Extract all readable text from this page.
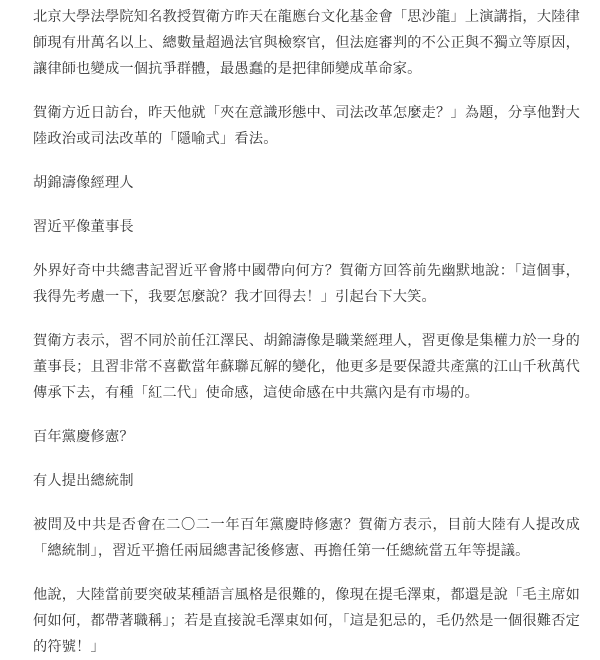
北京大學法學院知名教授賀衛方昨天在龍應台文化基金會「思沙龍」上演講指，大陸律師現有卅萬名以上、總數量超過法官與檢察官，但法庭審判的不公正與不獨立等原因，讓律師也變成一個抗爭群體，最愚蠢的是把律師變成革命家。

賀衛方近日訪台，昨天他就「夾在意識形態中、司法改革怎麼走？」為題，分享他對大陸政治或司法改革的「隱喻式」看法。

胡錦濤像經理人

習近平像董事長

外界好奇中共總書記習近平會將中國帶向何方？賀衛方回答前先幽默地說：「這個事，我得先考慮一下，我要怎麼說？我才回得去！」引起台下大笑。

賀衛方表示，習不同於前任江澤民、胡錦濤像是職業經理人，習更像是集權力於一身的董事長；且習非常不喜歡當年蘇聯瓦解的變化，他更多是要保證共產黨的江山千秋萬代傳承下去，有種「紅二代」使命感，這使命感在中共黨內是有市場的。

百年黨慶修憲？

有人提出總統制

被問及中共是否會在二〇二一年百年黨慶時修憲？賀衛方表示，目前大陸有人提改成「總統制」，習近平擔任兩屆總書記後修憲、再擔任第一任總統當五年等提議。

他說，大陸當前要突破某種語言風格是很難的，像現在提毛澤東，都還是說「毛主席如何如何，都帶著職稱」；若是直接說毛澤東如何，「這是犯忌的，毛仍然是一個很難否定的符號！」
